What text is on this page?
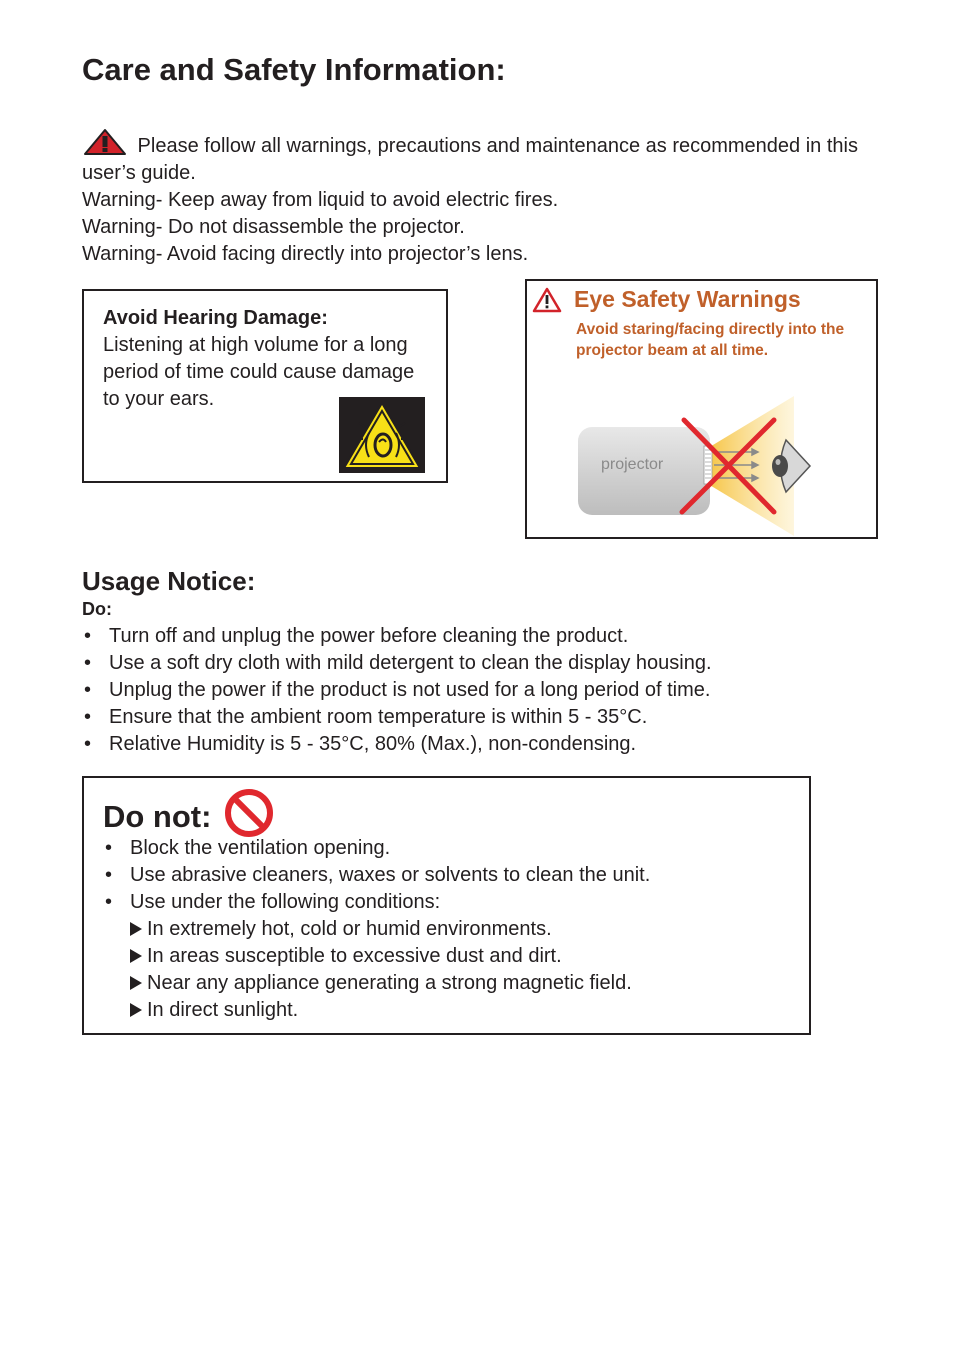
Care and Safety Information:

Please follow all warnings, precautions and maintenance as recommended in this user’s guide.

Warning- Keep away from liquid to avoid electric fires.

Warning- Do not disassemble the projector.

Warning- Avoid facing directly into projector’s lens.

Avoid Hearing Damage:
Listening at high volume for a long period of time could cause damage to your ears.
Eye Safety Warnings
Avoid staring/facing directly into the projector beam at all time.
projector
Usage Notice:
Do:
• Turn off and unplug the power before cleaning the product.
• Use a soft dry cloth with mild detergent to clean the display housing.
• Unplug the power if the product is not used for a long period of time.
• Ensure that the ambient room temperature is within 5 - 35°C.
• Relative Humidity is 5 - 35°C, 80% (Max.), non-condensing.
Do not:
• Block the ventilation opening.
• Use abrasive cleaners, waxes or solvents to clean the unit.
• Use under the following conditions:
In extremely hot, cold or humid environments.
In areas susceptible to excessive dust and dirt.
Near any appliance generating a strong magnetic field.
In direct sunlight.
